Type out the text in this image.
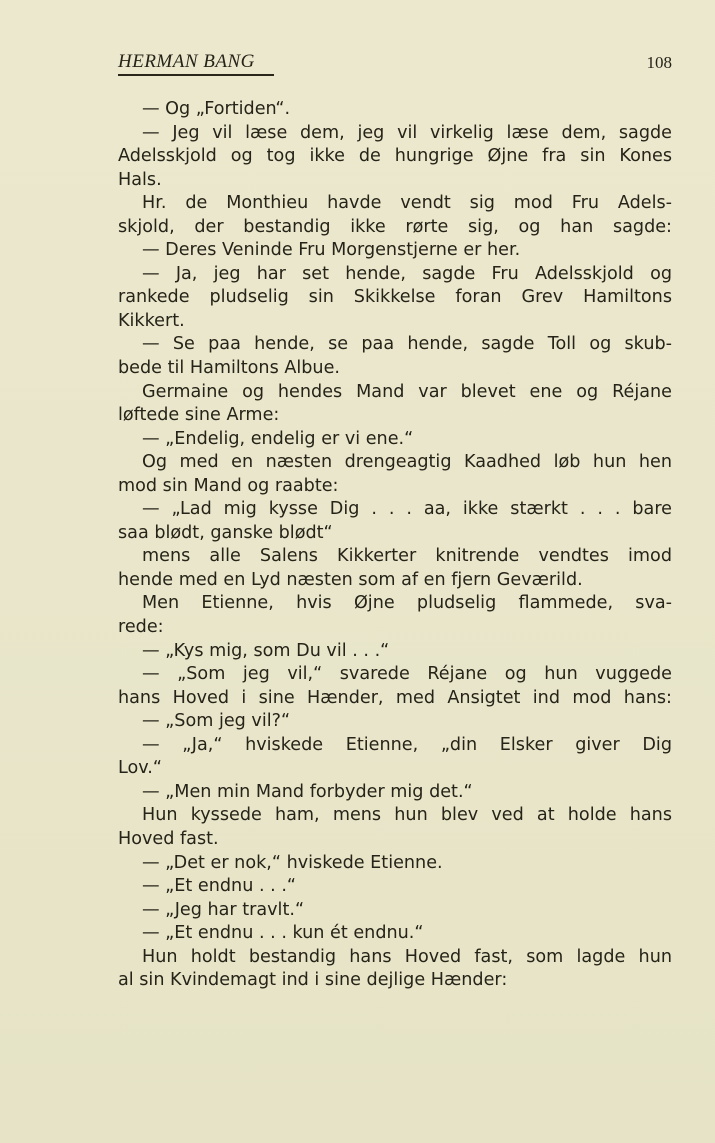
HERMAN BANG	108
— Og „Fortiden“.
— Jeg vil læse dem, jeg vil virkelig læse dem, sagde
Adelsskjold og tog ikke de hungrige Øjne fra sin Kones
Hals.
Hr. de Monthieu havde vendt sig mod Fru Adels-
skjold, der bestandig ikke rørte sig, og han sagde:
— Deres Veninde Fru Morgenstjerne er her.
— Ja, jeg har set hende, sagde Fru Adelsskjold og
rankede pludselig sin Skikkelse foran Grev Hamiltons
Kikkert.
— Se paa hende, se paa hende, sagde Toll og skub-
bede til Hamiltons Albue.
Germaine og hendes Mand var blevet ene og Réjane
løftede sine Arme:
— „Endelig, endelig er vi ene.“
Og med en næsten drengeagtig Kaadhed løb hun hen
mod sin Mand og raabte:
— „Lad mig kysse Dig . . . aa, ikke stærkt . . . bare
saa blødt, ganske blødt“
mens alle Salens Kikkerter knitrende vendtes imod
hende med en Lyd næsten som af en fjern Geværild.
Men Etienne, hvis Øjne pludselig flammede, sva-
rede:
— „Kys mig, som Du vil . . .“
— „Som jeg vil,“ svarede Réjane og hun vuggede
hans Hoved i sine Hænder, med Ansigtet ind mod hans:
— „Som jeg vil?“
— „Ja,“ hviskede Etienne, „din Elsker giver Dig
Lov.“
— „Men min Mand forbyder mig det.“
Hun kyssede ham, mens hun blev ved at holde hans
Hoved fast.
— „Det er nok,“ hviskede Etienne.
— „Et endnu . . .“
— „Jeg har travlt.“
— „Et endnu . . . kun ét endnu.“
Hun holdt bestandig hans Hoved fast, som lagde hun
al sin Kvindemagt ind i sine dejlige Hænder:
